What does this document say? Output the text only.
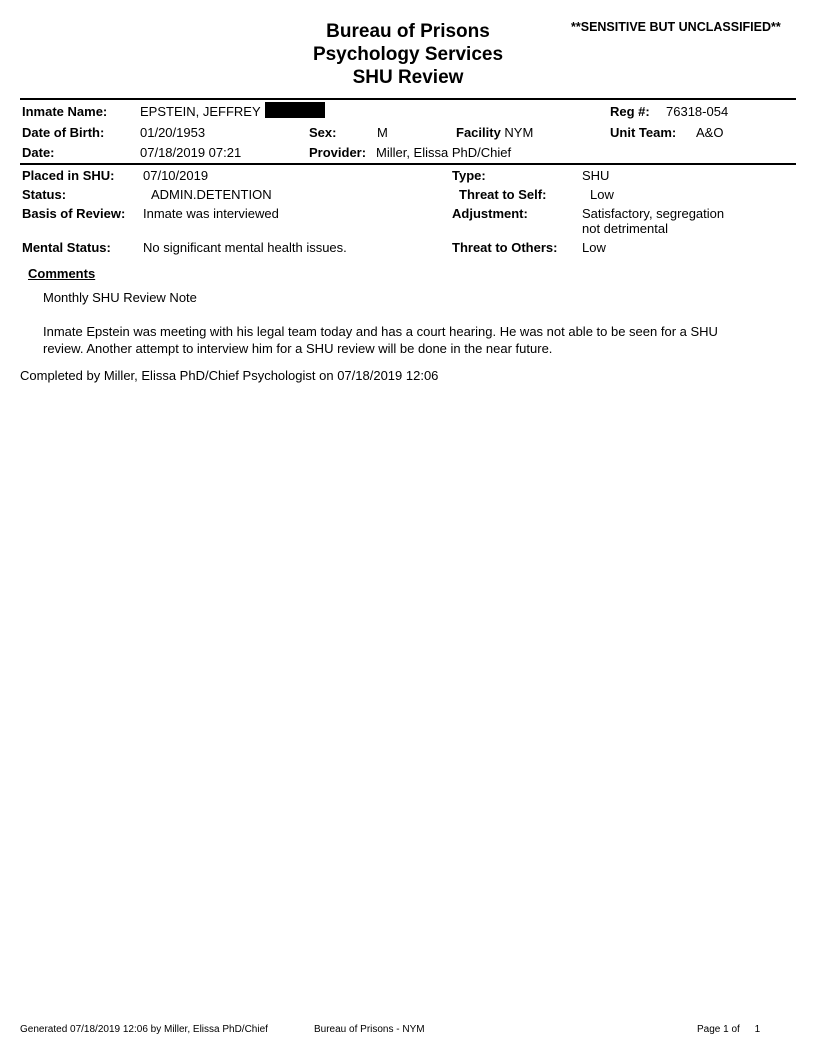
Bureau of Prisons
Psychology Services
SHU Review
**SENSITIVE BUT UNCLASSIFIED**
Inmate Name:	EPSTEIN, JEFFREY	Reg #: 76318-054
Date of Birth:	01/20/1953	Sex:	M	Facility NYM	Unit Team: A&O
Date:	07/18/2019 07:21	Provider: Miller, Elissa PhD/Chief
Placed in SHU: 07/10/2019	Type:	SHU
Status:	ADMIN.DETENTION	Threat to Self:	Low
Basis of Review: Inmate was interviewed	Adjustment:	Satisfactory, segregation
not detrimental
Mental Status: No significant mental health issues.	Threat to Others: Low
Comments
Monthly SHU Review Note
Inmate Epstein was meeting with his legal team today and has a court hearing. He was not able to be seen for a SHU review. Another attempt to interview him for a SHU review will be done in the near future.
Completed by Miller, Elissa PhD/Chief Psychologist on 07/18/2019 12:06
Generated 07/18/2019 12:06 by Miller, Elissa PhD/Chief	Bureau of Prisons - NYM	Page 1 of 1
